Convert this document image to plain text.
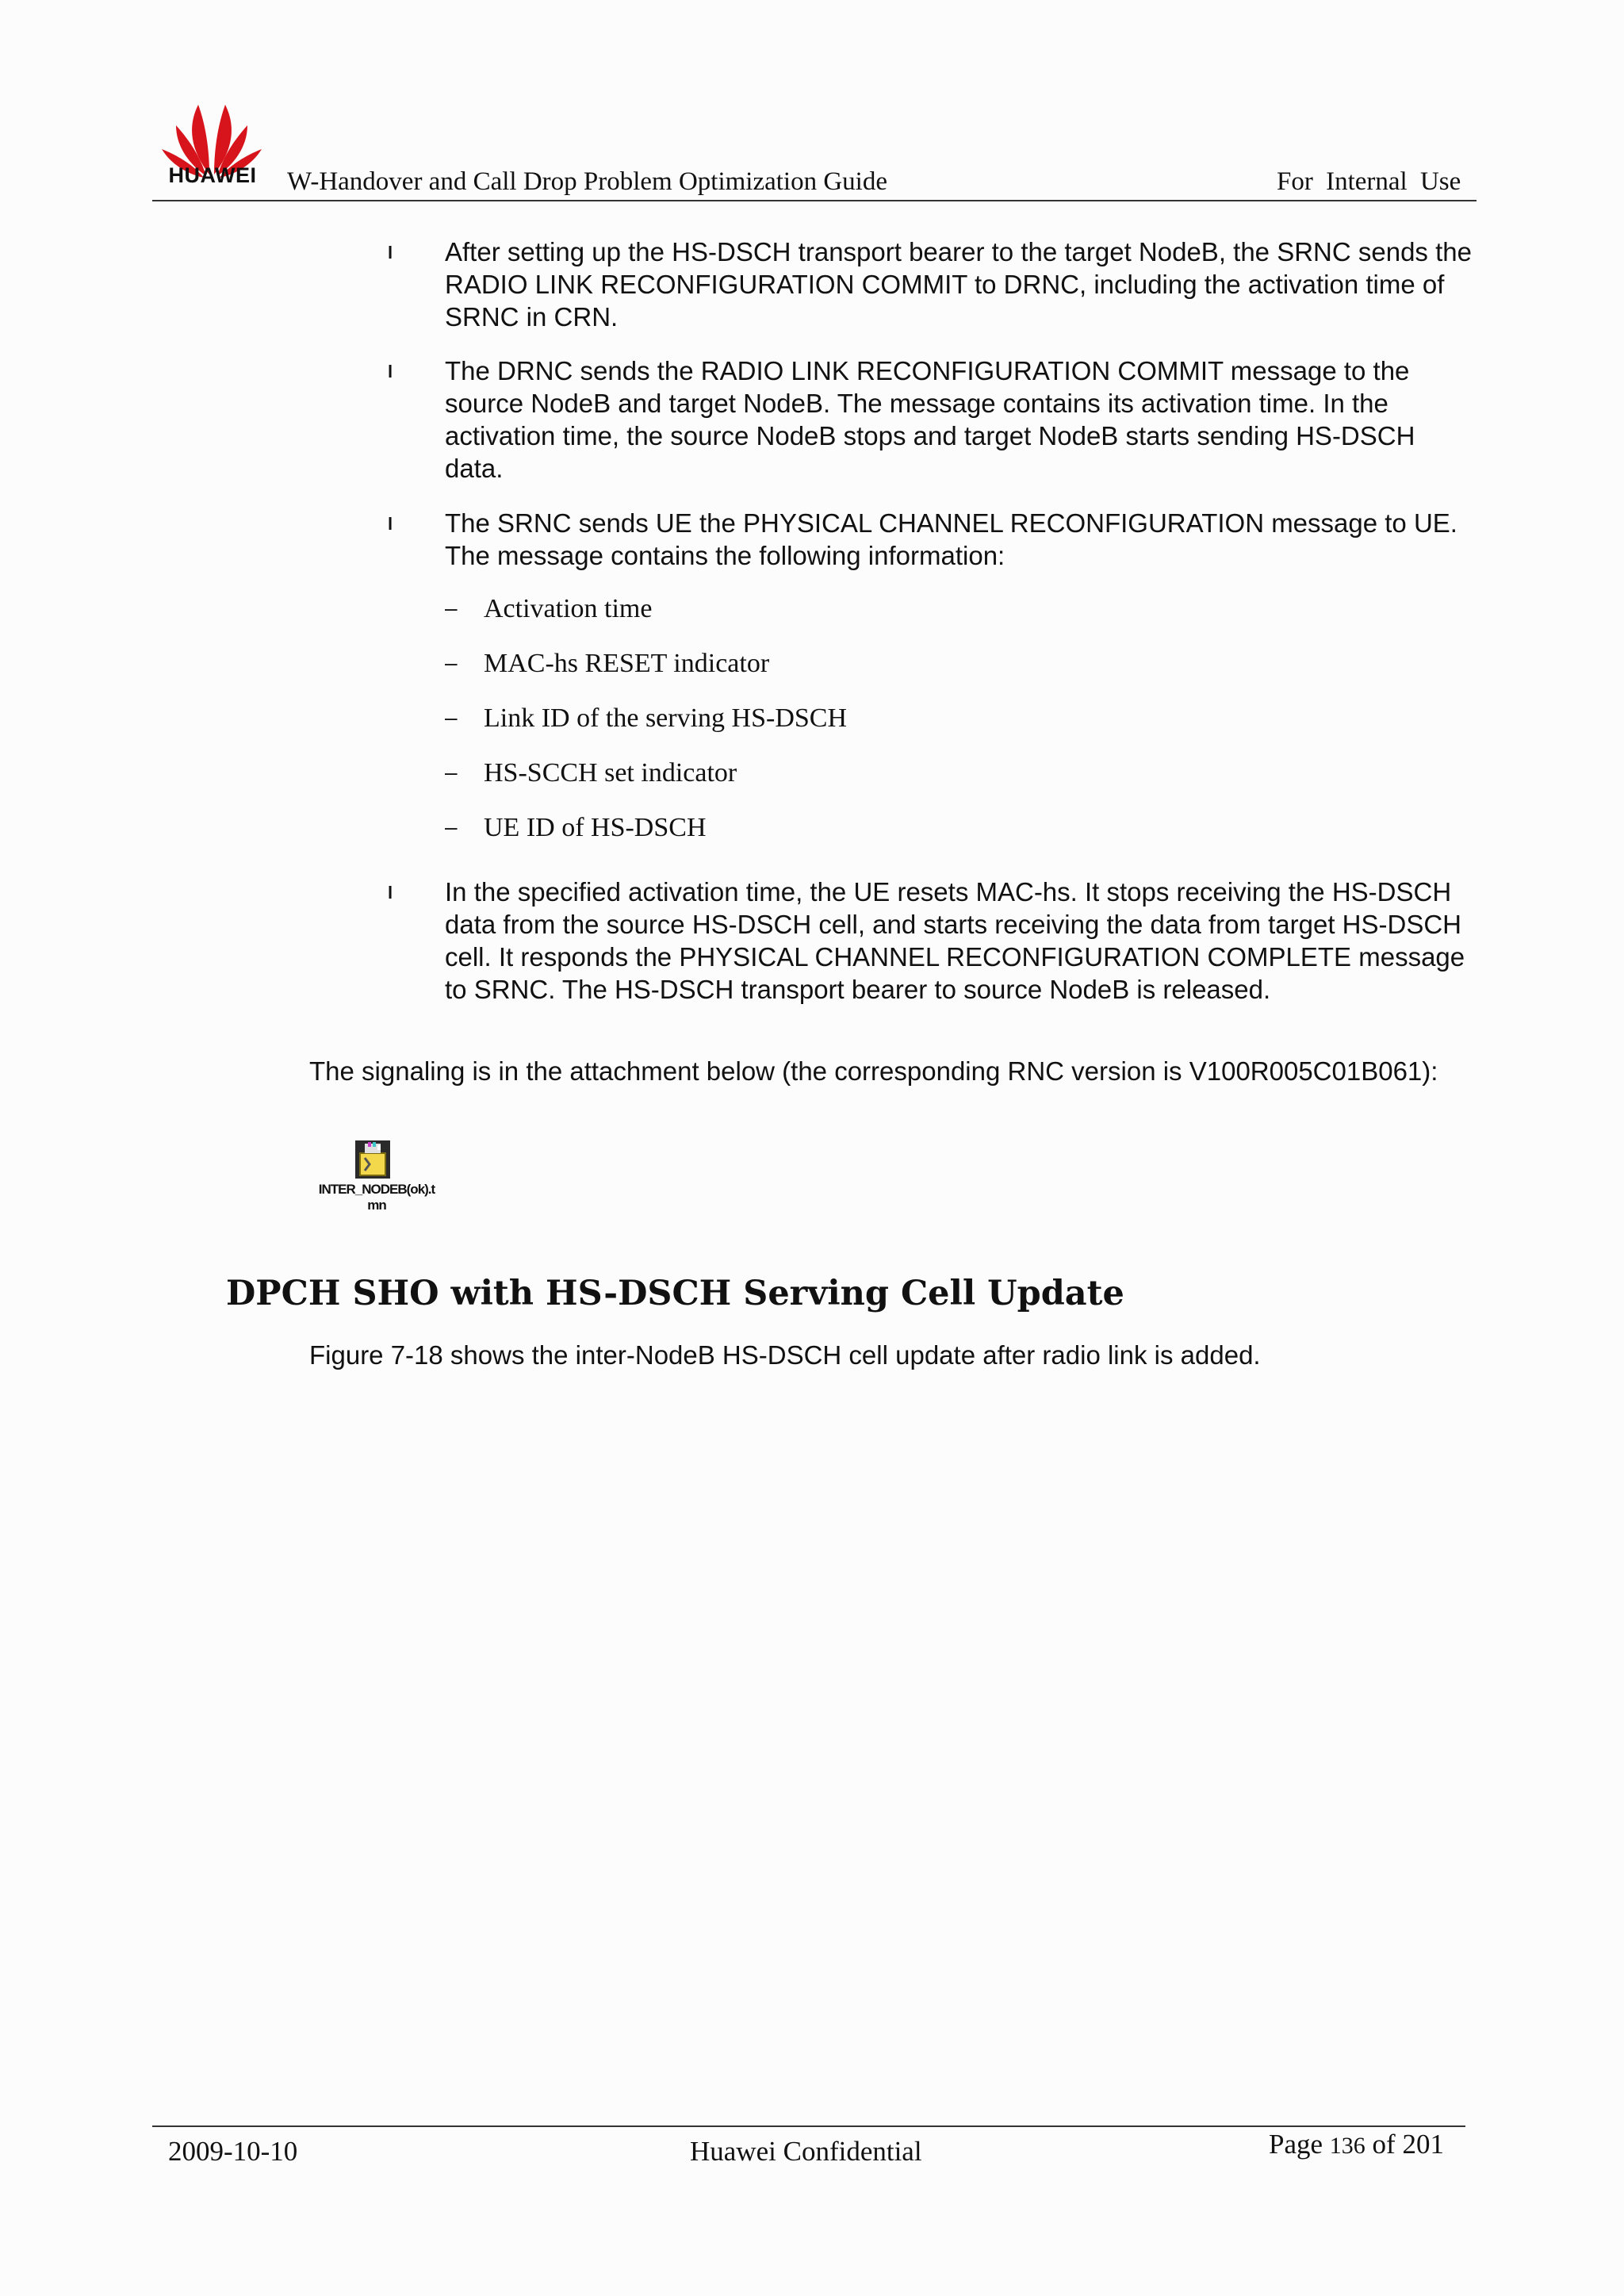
HUAWEI	W-Handover and Call Drop Problem Optimization Guide	For Internal Use
l After setting up the HS-DSCH transport bearer to the target NodeB, the SRNC sends the RADIO LINK RECONFIGURATION COMMIT to DRNC, including the activation time of SRNC in CRN.
l The DRNC sends the RADIO LINK RECONFIGURATION COMMIT message to the source NodeB and target NodeB. The message contains its activation time. In the activation time, the source NodeB stops and target NodeB starts sending HS-DSCH data.
l The SRNC sends UE the PHYSICAL CHANNEL RECONFIGURATION message to UE. The message contains the following information:
– Activation time
– MAC-hs RESET indicator
– Link ID of the serving HS-DSCH
– HS-SCCH set indicator
– UE ID of HS-DSCH
l In the specified activation time, the UE resets MAC-hs. It stops receiving the HS-DSCH data from the source HS-DSCH cell, and starts receiving the data from target HS-DSCH cell. It responds the PHYSICAL CHANNEL RECONFIGURATION COMPLETE message to SRNC. The HS-DSCH transport bearer to source NodeB is released.
The signaling is in the attachment below (the corresponding RNC version is V100R005C01B061):
INTER_NODEB(ok).t
mn
DPCH SHO with HS-DSCH Serving Cell Update
Figure 7-18 shows the inter-NodeB HS-DSCH cell update after radio link is added.
2009-10-10	Huawei Confidential	Page 136 of 201
